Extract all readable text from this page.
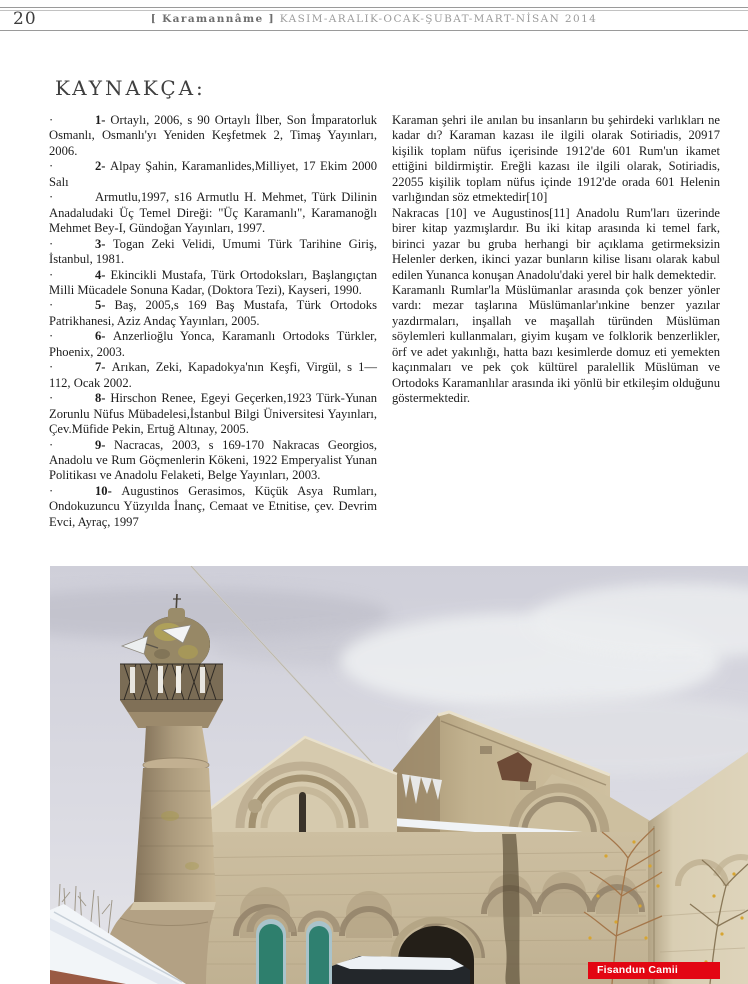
20	[ Karamannâme ] KASIM-ARALIK-OCAK-ŞUBAT-MART-NİSAN 2014
KAYNAKÇA:

·	1- Ortaylı, 2006, s 90 Ortaylı İlber, Son İmparatorluk Osmanlı, Osmanlı'yı Yeniden Keşfetmek 2, Timaş Yayınları, 2006.

·	2- Alpay Şahin, Karamanlides,Milliyet, 17 Ekim 2000 Salı

·	Armutlu,1997, s16 Armutlu H. Mehmet, Türk Dilinin Anadaludaki Üç Temel Direği: "Üç Karamanlı", Karamanoğlı Mehmet Bey-I, Gündoğan Yayınları, 1997.

·	3- Togan Zeki Velidi, Umumi Türk Tarihine Giriş, İstanbul, 1981.

·	4- Ekincikli Mustafa, Türk Ortodoksları, Başlangıçtan Milli Mücadele Sonuna Kadar, (Doktora Tezi), Kayseri, 1990.

·	5- Baş, 2005,s 169 Baş Mustafa, Türk Ortodoks Patrikhanesi, Aziz Andaç Yayınları, 2005.

·	6- Anzerlioğlu Yonca, Karamanlı Ortodoks Türkler, Phoenix, 2003.

·	7- Arıkan, Zeki, Kapadokya'nın Keşfi, Virgül, s 1—112, Ocak 2002.

·	8- Hirschon Renee, Egeyi Geçerken,1923 Türk-Yunan Zorunlu Nüfus Mübadelesi,İstanbul Bilgi Üniversitesi Yayınları, Çev.Müfide Pekin, Ertuğ Altınay, 2005.

·	9- Nacracas, 2003, s 169-170 Nakracas Georgios, Anadolu ve Rum Göçmenlerin Kökeni, 1922 Emperyalist Yunan Politikası ve Anadolu Felaketi, Belge Yayınları, 2003.

·	10- Augustinos Gerasimos, Küçük Asya Rumları, Ondokuzuncu Yüzyılda İnanç, Cemaat ve Etnitise, çev. Devrim Evci, Ayraç, 1997

Karaman şehri ile anılan bu insanların bu şehirdeki varlıkları ne kadar dı? Karaman kazası ile ilgili olarak Sotiriadis, 20917 kişilik toplam nüfus içerisinde 1912'de 601 Rum'un ikamet ettiğini bildirmiştir. Ereğli kazası ile ilgili olarak, Sotiriadis, 22055 kişilik toplam nüfus içinde 1912'de orada 601 Helenin varlığından söz etmektedir[10]

Nakracas [10] ve Augustinos[11] Anadolu Rum'ları üzerinde birer kitap yazmışlardır. Bu iki kitap arasında ki temel fark, birinci yazar bu gruba herhangi bir açıklama getirmeksizin Helenler derken, ikinci yazar bunların kilise lisanı olarak kabul edilen Yunanca konuşan Anadolu'daki yerel bir halk demektedir.

Karamanlı Rumlar'la Müslümanlar arasında çok benzer yönler vardı: mezar taşlarına Müslümanlar'ınkine benzer yazılar yazdırmaları, inşallah ve maşallah türünden Müslüman söylemleri kullanmaları, giyim kuşam ve folklorik benzerlikler, örf ve adet yakınlığı, hatta bazı kesimlerde domuz eti yemekten kaçınmaları ve pek çok kültürel paralellik Müslüman ve Ortodoks Karamanlılar arasında iki yönlü bir etkileşim olduğunu göstermektedir.

Fisandun Camii
